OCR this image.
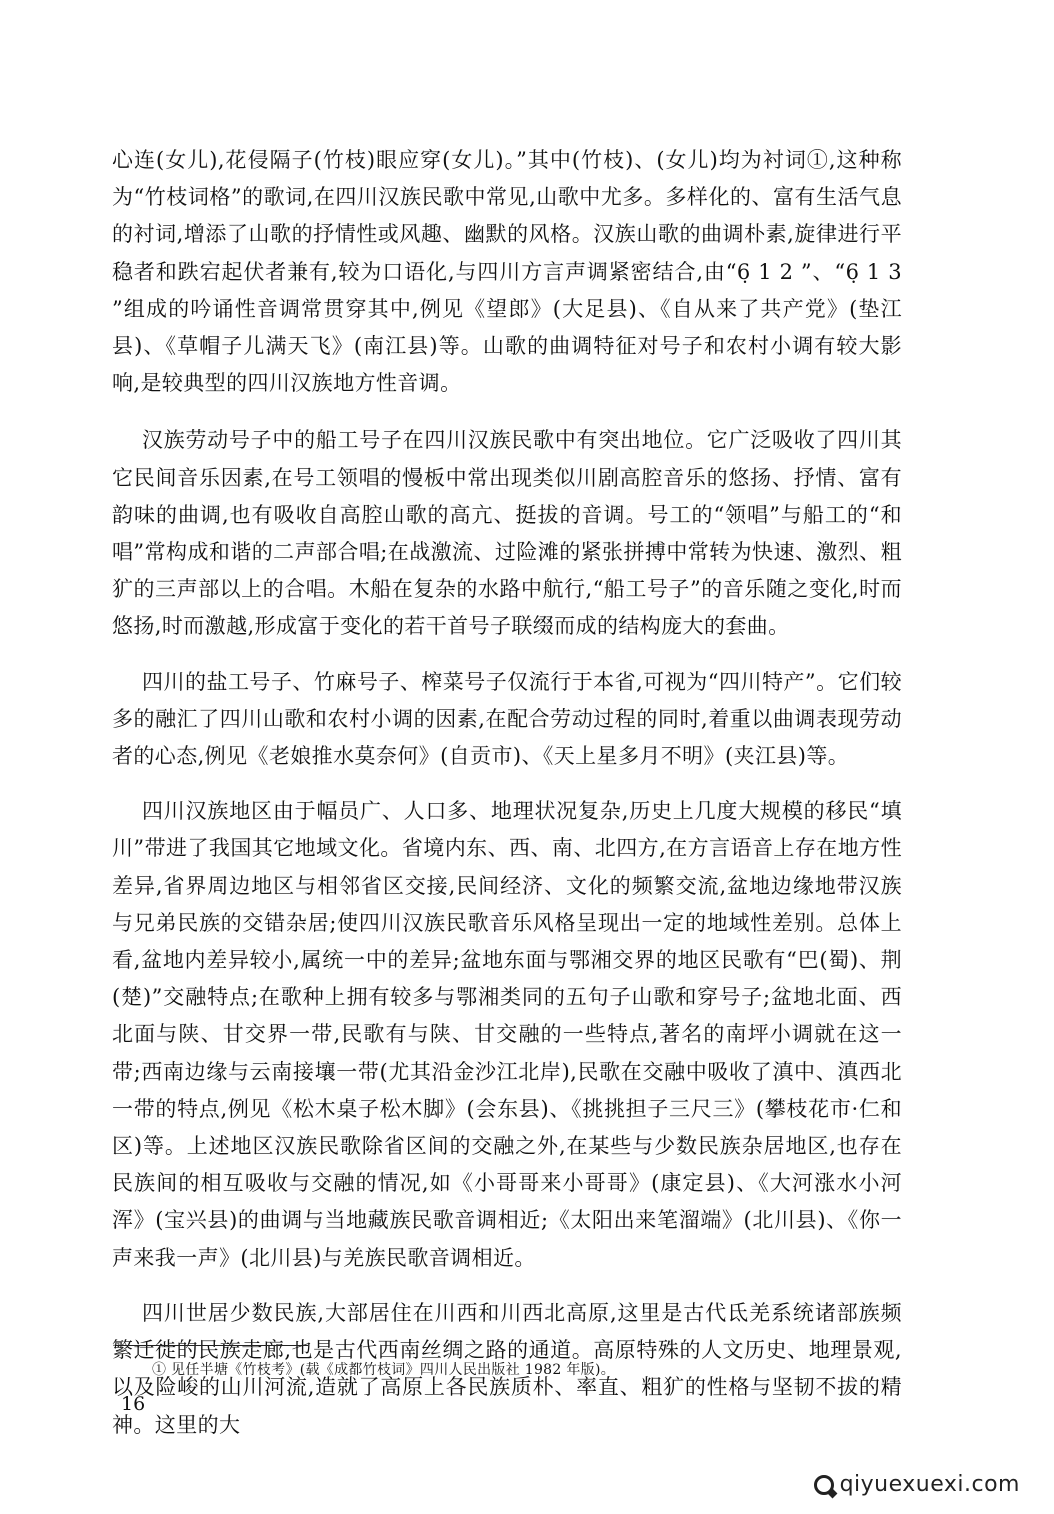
心连(女儿),花侵隔子(竹枝)眼应穿(女儿)。”其中(竹枝)、(女儿)均为衬词①,这种称为“竹枝词格”的歌词,在四川汉族民歌中常见,山歌中尤多。多样化的、富有生活气息的衬词,增添了山歌的抒情性或风趣、幽默的风格。汉族山歌的曲调朴素,旋律进行平稳者和跌宕起伏者兼有,较为口语化,与四川方言声调紧密结合,由“6̣ 1 2 ”、“6̣ 1 3 ”组成的吟诵性音调常贯穿其中,例见《望郎》(大足县)、《自从来了共产党》(垫江县)、《草帽子儿满天飞》(南江县)等。山歌的曲调特征对号子和农村小调有较大影响,是较典型的四川汉族地方性音调。

汉族劳动号子中的船工号子在四川汉族民歌中有突出地位。它广泛吸收了四川其它民间音乐因素,在号工领唱的慢板中常出现类似川剧高腔音乐的悠扬、抒情、富有韵味的曲调,也有吸收自高腔山歌的高亢、挺拔的音调。号工的“领唱”与船工的“和唱”常构成和谐的二声部合唱;在战激流、过险滩的紧张拼搏中常转为快速、激烈、粗犷的三声部以上的合唱。木船在复杂的水路中航行,“船工号子”的音乐随之变化,时而悠扬,时而激越,形成富于变化的若干首号子联缀而成的结构庞大的套曲。

四川的盐工号子、竹麻号子、榨菜号子仅流行于本省,可视为“四川特产”。它们较多的融汇了四川山歌和农村小调的因素,在配合劳动过程的同时,着重以曲调表现劳动者的心态,例见《老娘推水莫奈何》(自贡市)、《天上星多月不明》(夹江县)等。

四川汉族地区由于幅员广、人口多、地理状况复杂,历史上几度大规模的移民“填川”带进了我国其它地域文化。省境内东、西、南、北四方,在方言语音上存在地方性差异,省界周边地区与相邻省区交接,民间经济、文化的频繁交流,盆地边缘地带汉族与兄弟民族的交错杂居;使四川汉族民歌音乐风格呈现出一定的地域性差别。总体上看,盆地内差异较小,属统一中的差异;盆地东面与鄂湘交界的地区民歌有“巴(蜀)、荆(楚)”交融特点;在歌种上拥有较多与鄂湘类同的五句子山歌和穿号子;盆地北面、西北面与陕、甘交界一带,民歌有与陕、甘交融的一些特点,著名的南坪小调就在这一带;西南边缘与云南接壤一带(尤其沿金沙江北岸),民歌在交融中吸收了滇中、滇西北一带的特点,例见《松木桌子松木脚》(会东县)、《挑挑担子三尺三》(攀枝花市·仁和区)等。上述地区汉族民歌除省区间的交融之外,在某些与少数民族杂居地区,也存在民族间的相互吸收与交融的情况,如《小哥哥来小哥哥》(康定县)、《大河涨水小河浑》(宝兴县)的曲调与当地藏族民歌音调相近;《太阳出来笔溜端》(北川县)、《你一声来我一声》(北川县)与羌族民歌音调相近。

四川世居少数民族,大部居住在川西和川西北高原,这里是古代氐羌系统诸部族频繁迁徙的民族走廊,也是古代西南丝绸之路的通道。高原特殊的人文历史、地理景观,以及险峻的山川河流,造就了高原上各民族质朴、率直、粗犷的性格与坚韧不拔的精神。这里的大

① 见任半塘《竹枝考》(载《成都竹枝词》四川人民出版社 1982 年版)。
16
qiyuexuexi.com
